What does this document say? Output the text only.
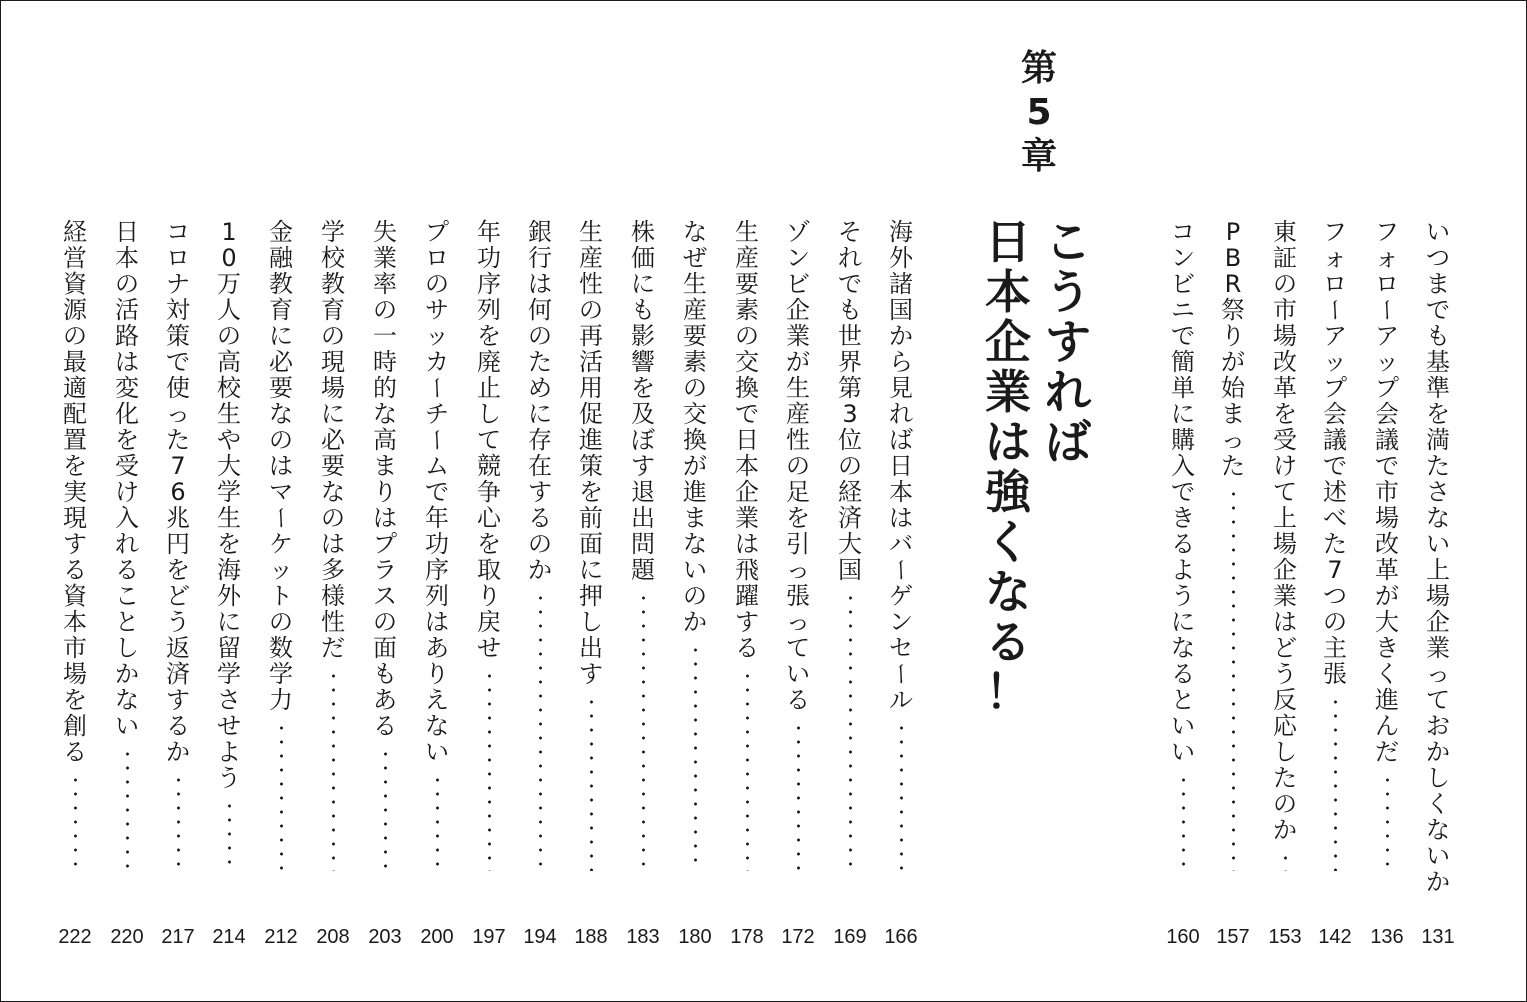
第
5
章
こ
う
す
れ
ば
日
本
企
業
は
強
く
な
る
！
い
つ
ま
で
も
基
準
を
満
た
さ
な
い
上
場
企
業
っ
て
お
か
し
く
な
い
か
131
フ
ォ
ロ
ー
ア
ッ
プ
会
議
で
市
場
改
革
が
大
き
く
進
ん
だ
136
フ
ォ
ロ
ー
ア
ッ
プ
会
議
で
述
べ
た
7
つ
の
主
張
142
東
証
の
市
場
改
革
を
受
け
て
上
場
企
業
は
ど
う
反
応
し
た
の
か
153
P
B
R
祭
り
が
始
ま
っ
た
157
コ
ン
ビ
ニ
で
簡
単
に
購
入
で
き
る
よ
う
に
な
る
と
い
い
160
海
外
諸
国
か
ら
見
れ
ば
日
本
は
バ
ー
ゲ
ン
セ
ー
ル
166
そ
れ
で
も
世
界
第
3
位
の
経
済
大
国
169
ゾ
ン
ビ
企
業
が
生
産
性
の
足
を
引
っ
張
っ
て
い
る
172
生
産
要
素
の
交
換
で
日
本
企
業
は
飛
躍
す
る
178
な
ぜ
生
産
要
素
の
交
換
が
進
ま
な
い
の
か
180
株
価
に
も
影
響
を
及
ぼ
す
退
出
問
題
183
生
産
性
の
再
活
用
促
進
策
を
前
面
に
押
し
出
す
188
銀
行
は
何
の
た
め
に
存
在
す
る
の
か
194
年
功
序
列
を
廃
止
し
て
競
争
心
を
取
り
戻
せ
197
プ
ロ
の
サ
ッ
カ
ー
チ
ー
ム
で
年
功
序
列
は
あ
り
え
な
い
200
失
業
率
の
一
時
的
な
高
ま
り
は
プ
ラ
ス
の
面
も
あ
る
203
学
校
教
育
の
現
場
に
必
要
な
の
は
多
様
性
だ
208
金
融
教
育
に
必
要
な
の
は
マ
ー
ケ
ッ
ト
の
数
学
力
212
1
0
万
人
の
高
校
生
や
大
学
生
を
海
外
に
留
学
さ
せ
よ
う
214
コ
ロ
ナ
対
策
で
使
っ
た
7
6
兆
円
を
ど
う
返
済
す
る
か
217
日
本
の
活
路
は
変
化
を
受
け
入
れ
る
こ
と
し
か
な
い
220
経
営
資
源
の
最
適
配
置
を
実
現
す
る
資
本
市
場
を
創
る
222
